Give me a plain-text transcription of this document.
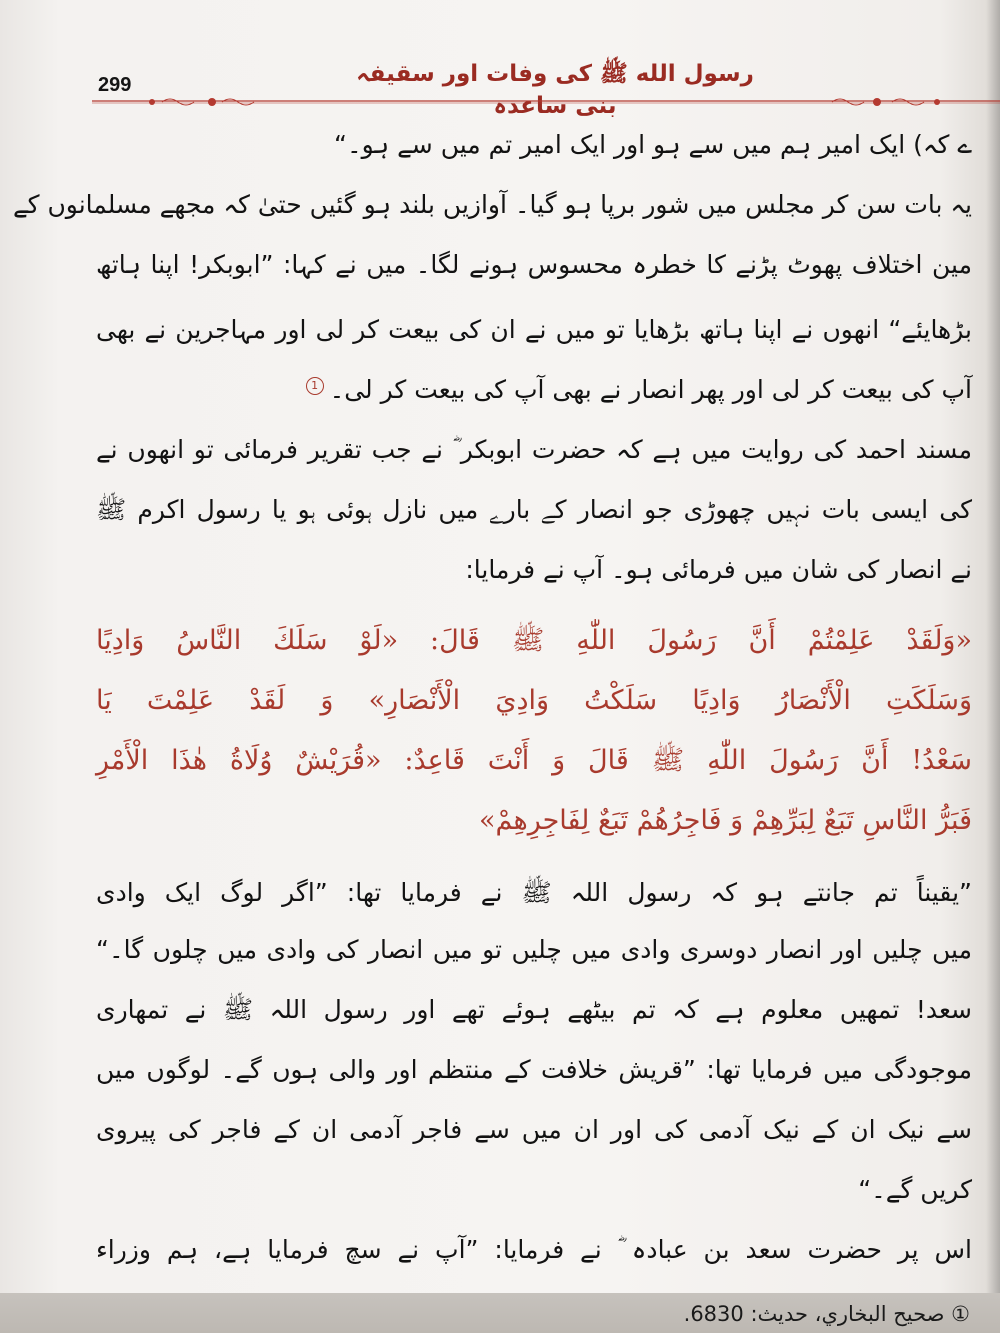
299	رسول الله ﷺ کی وفات اور سقیفہ بنی ساعدہ
ے کہ) ایک امیر ہم میں سے ہو اور ایک امیر تم میں سے ہو۔“
یہ بات سن کر مجلس میں شور برپا ہو گیا۔ آوازیں بلند ہو گئیں حتیٰ کہ مجھے مسلمانوں کے
مین اختلاف پھوٹ پڑنے کا خطرہ محسوس ہونے لگا۔ میں نے کہا: ”ابوبکر! اپنا ہاتھ
بڑھایئے“ انھوں نے اپنا ہاتھ بڑھایا تو میں نے ان کی بیعت کر لی اور مہاجرین نے بھی
آپ کی بیعت کر لی اور پھر انصار نے بھی آپ کی بیعت کر لی۔1
مسند احمد کی روایت میں ہے کہ حضرت ابوبکر ؓ نے جب تقریر فرمائی تو انھوں نے
کی ایسی بات نہیں چھوڑی جو انصار کے بارے میں نازل ہوئی ہو یا رسول اکرم ﷺ
نے انصار کی شان میں فرمائی ہو۔ آپ نے فرمایا:
«وَلَقَدْ عَلِمْتُمْ أَنَّ رَسُولَ اللّٰهِ ﷺ قَالَ: «لَوْ سَلَكَ النَّاسُ وَادِيًا
وَسَلَكَتِ الْأَنْصَارُ وَادِيًا سَلَكْتُ وَادِيَ الْأَنْصَارِ» وَ لَقَدْ عَلِمْتَ يَا
سَعْدُ! أَنَّ رَسُولَ اللّٰهِ ﷺ قَالَ وَ أَنْتَ قَاعِدٌ: «قُرَيْشٌ وُلَاةُ هٰذَا الْأَمْرِ
فَبَرُّ النَّاسِ تَبَعٌ لِبَرِّهِمْ وَ فَاجِرُهُمْ تَبَعٌ لِفَاجِرِهِمْ»
”یقیناً تم جانتے ہو کہ رسول اللہ ﷺ نے فرمایا تھا: ”اگر لوگ ایک وادی
میں چلیں اور انصار دوسری وادی میں چلیں تو میں انصار کی وادی میں چلوں گا۔“
سعد! تمھیں معلوم ہے کہ تم بیٹھے ہوئے تھے اور رسول اللہ ﷺ نے تمھاری
موجودگی میں فرمایا تھا: ”قریش خلافت کے منتظم اور والی ہوں گے۔ لوگوں میں
سے نیک ان کے نیک آدمی کی اور ان میں سے فاجر آدمی ان کے فاجر کی پیروی
کریں گے۔“
اس پر حضرت سعد بن عبادہ ؓ نے فرمایا: ”آپ نے سچ فرمایا ہے، ہم وزراء
① صحيح البخاري، حديث: 6830.
